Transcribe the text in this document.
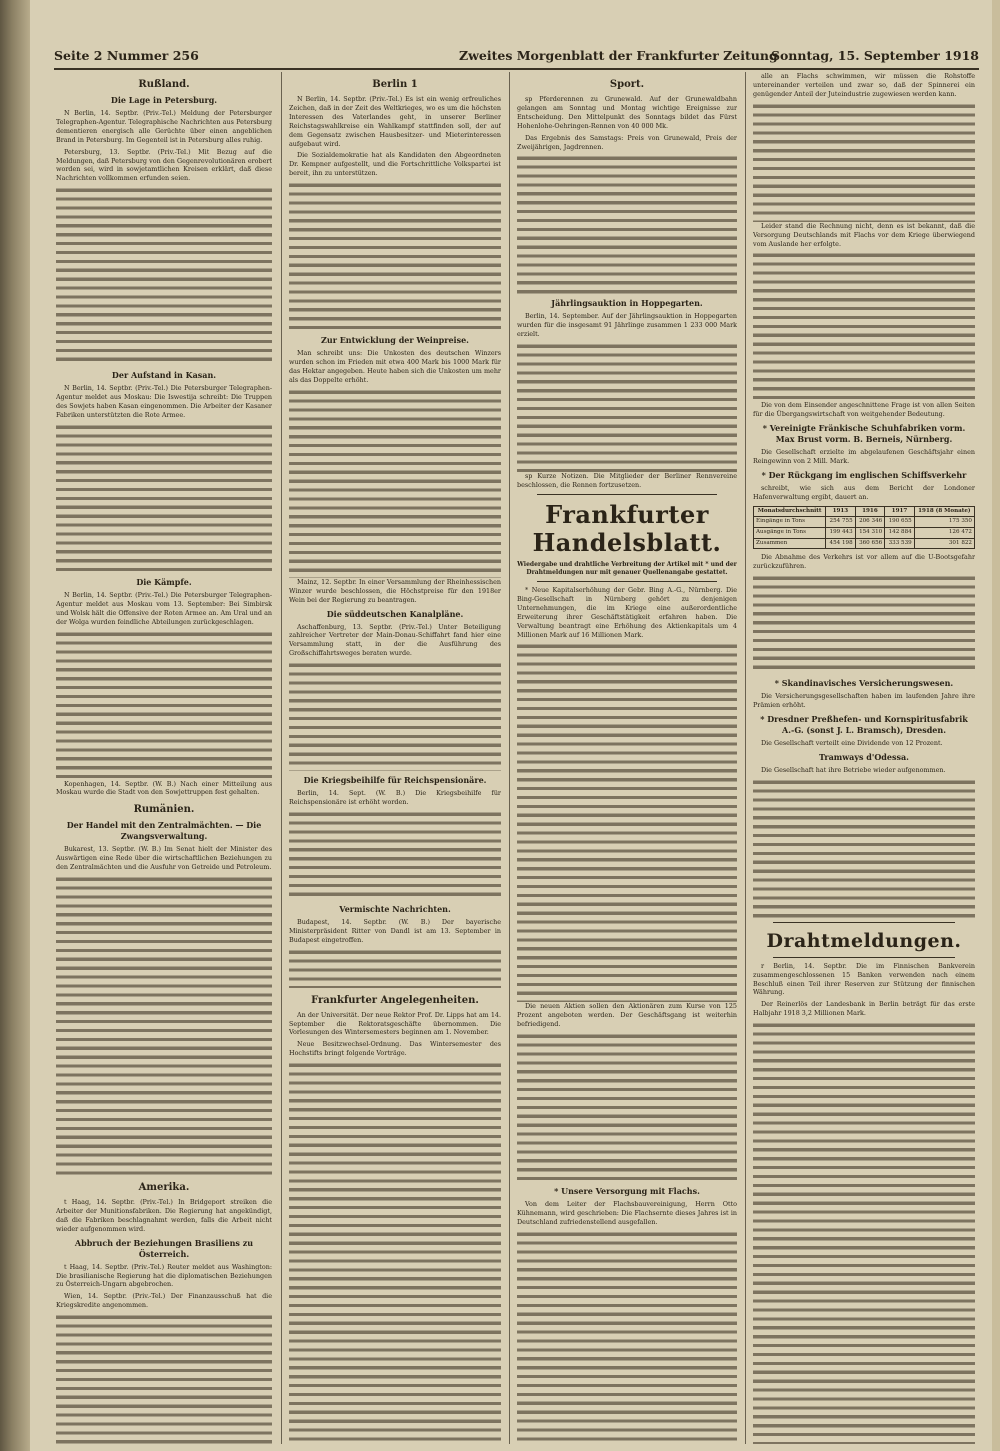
Seite 2 Nummer 256	Zweites Morgenblatt der Frankfurter Zeitung
Sonntag, 15. September 1918
Rußland.
Die Lage in Petersburg.

N Berlin, 14. Septbr. (Priv.-Tel.) Meldung der Petersburger Telegraphen-Agentur. Telegraphische Nachrichten aus Petersburg dementieren energisch alle Gerüchte über einen angeblichen Brand in Petersburg. Im Gegenteil ist in Petersburg alles ruhig.

Petersburg, 13. Septbr. (Priv.-Tel.) Mit Bezug auf die Meldungen, daß Petersburg von den Gegenrevolutionären erobert worden sei, wird in sowjetamtlichen Kreisen erklärt, daß diese Nachrichten vollkommen erfunden seien.

Der Aufstand in Kasan.

N Berlin, 14. Septbr. (Priv.-Tel.) Die Petersburger Telegraphen-Agentur meldet aus Moskau: Die Iswestija schreibt: Die Truppen des Sowjets haben Kasan eingenommen. Die Arbeiter der Kasaner Fabriken unterstützten die Rote Armee.

Die Kämpfe.

N Berlin, 14. Septbr. (Priv.-Tel.) Die Petersburger Telegraphen-Agentur meldet aus Moskau vom 13. September: Bei Simbirsk und Wolsk hält die Offensive der Roten Armee an. Am Ural und an der Wolga wurden feindliche Abteilungen zurückgeschlagen.

Kopenhagen, 14. Septbr. (W. B.) Nach einer Mitteilung aus Moskau wurde die Stadt von den Sowjettruppen fest gehalten.

Rumänien.
Der Handel mit den Zentralmächten. — Die Zwangsverwaltung.

Bukarest, 13. Septbr. (W. B.) Im Senat hielt der Minister des Auswärtigen eine Rede über die wirtschaftlichen Beziehungen zu den Zentralmächten und die Ausfuhr von Getreide und Petroleum.

Amerika.

t Haag, 14. Septbr. (Priv.-Tel.) In Bridgeport streiken die Arbeiter der Munitionsfabriken. Die Regierung hat angekündigt, daß die Fabriken beschlagnahmt werden, falls die Arbeit nicht wieder aufgenommen wird.

Abbruch der Beziehungen Brasiliens zu Österreich.

t Haag, 14. Septbr. (Priv.-Tel.) Reuter meldet aus Washington: Die brasilianische Regierung hat die diplomatischen Beziehungen zu Österreich-Ungarn abgebrochen.

Wien, 14. Septbr. (Priv.-Tel.) Der Finanzausschuß hat die Kriegskredite angenommen.

Berlin 1

N Berlin, 14. Septbr. (Priv.-Tel.) Es ist ein wenig erfreuliches Zeichen, daß in der Zeit des Weltkrieges, wo es um die höchsten Interessen des Vaterlandes geht, in unserer Berliner Reichstagswahlkreise ein Wahlkampf stattfinden soll, der auf dem Gegensatz zwischen Hausbesitzer- und Mieterinteressen aufgebaut wird.

Die Sozialdemokratie hat als Kandidaten den Abgeordneten Dr. Kempner aufgestellt, und die Fortschrittliche Volkspartei ist bereit, ihn zu unterstützen.

Zur Entwicklung der Weinpreise.

Man schreibt uns: Die Unkosten des deutschen Winzers wurden schon im Frieden mit etwa 400 Mark bis 1000 Mark für das Hektar angegeben. Heute haben sich die Unkosten um mehr als das Doppelte erhöht.

Mainz, 12. Septbr. In einer Versammlung der Rheinhessischen Winzer wurde beschlossen, die Höchstpreise für den 1918er Wein bei der Regierung zu beantragen.

Die süddeutschen Kanalpläne.

Aschaffenburg, 13. Septbr. (Priv.-Tel.) Unter Beteiligung zahlreicher Vertreter der Main-Donau-Schiffahrt fand hier eine Versammlung statt, in der die Ausführung des Großschiffahrtsweges beraten wurde.

Die Kriegsbeihilfe für Reichspensionäre.

Berlin, 14. Sept. (W. B.) Die Kriegsbeihilfe für Reichspensionäre ist erhöht worden.

Vermischte Nachrichten.

Budapest, 14. Septbr. (W. B.) Der bayerische Ministerpräsident Ritter von Dandl ist am 13. September in Budapest eingetroffen.

Frankfurter Angelegenheiten.

An der Universität. Der neue Rektor Prof. Dr. Lipps hat am 14. September die Rektoratsgeschäfte übernommen. Die Vorlesungen des Wintersemesters beginnen am 1. November.

Neue Besitzwechsel-Ordnung. Das Wintersemester des Hochstifts bringt folgende Vorträge.

Sport.

sp Pferderennen zu Grunewald. Auf der Grunewaldbahn gelangen am Sonntag und Montag wichtige Ereignisse zur Entscheidung. Den Mittelpunkt des Sonntags bildet das Fürst Hohenlohe-Oehringen-Rennen von 40 000 Mk.

Das Ergebnis des Samstags: Preis von Grunewald, Preis der Zweijährigen, Jagdrennen.

Jährlingsauktion in Hoppegarten.

Berlin, 14. September. Auf der Jährlingsauktion in Hoppegarten wurden für die insgesamt 91 Jährlinge zusammen 1 233 000 Mark erzielt.

sp Kurze Notizen. Die Mitglieder der Berliner Rennvereine beschlossen, die Rennen fortzusetzen.

Frankfurter Handelsblatt.
Wiedergabe und drahtliche Verbreitung der Artikel mit * und der Drahtmeldungen nur mit genauer Quellenangabe gestattet.

* Neue Kapitalserhöhung der Gebr. Bing A.-G., Nürnberg. Die Bing-Gesellschaft in Nürnberg gehört zu denjenigen Unternehmungen, die im Kriege eine außerordentliche Erweiterung ihrer Geschäftstätigkeit erfahren haben. Die Verwaltung beantragt eine Erhöhung des Aktienkapitals um 4 Millionen Mark auf 16 Millionen Mark.

Die neuen Aktien sollen den Aktionären zum Kurse von 125 Prozent angeboten werden. Der Geschäftsgang ist weiterhin befriedigend.

* Unsere Versorgung mit Flachs.

Von dem Leiter der Flachsbauvereinigung, Herrn Otto Kühnemann, wird geschrieben: Die Flachsernte dieses Jahres ist in Deutschland zufriedenstellend ausgefallen.

alle an Flachs schwimmen, wir müssen die Rohstoffe untereinander verteilen und zwar so, daß der Spinnerei ein genügender Anteil der Juteindustrie zugewiesen werden kann.

Leider stand die Rechnung nicht, denn es ist bekannt, daß die Versorgung Deutschlands mit Flachs vor dem Kriege überwiegend vom Auslande her erfolgte.

Die von dem Einsender angeschnittene Frage ist von allen Seiten für die Übergangswirtschaft von weitgehender Bedeutung.

* Vereinigte Fränkische Schuhfabriken vorm. Max Brust vorm. B. Berneis, Nürnberg.

Die Gesellschaft erzielte im abgelaufenen Geschäftsjahr einen Reingewinn von 2 Mill. Mark.

* Der Rückgang im englischen Schiffsverkehr

schreibt, wie sich aus dem Bericht der Londoner Hafenverwaltung ergibt, dauert an.

Monatsdurchschnitt	1913	1916	1917	1918 (8 Monate)
Eingänge in Tons	254 755	206 346	190 655	175 350
Ausgänge in Tons	199 443	154 310	142 884	126 472
Zusammen	454 198	360 656	333 539	301 822

Die Abnahme des Verkehrs ist vor allem auf die U-Bootsgefahr zurückzuführen.

* Skandinavisches Versicherungswesen.

Die Versicherungsgesellschaften haben im laufenden Jahre ihre Prämien erhöht.

* Dresdner Preßhefen- und Kornspiritusfabrik A.-G. (sonst J. L. Bramsch), Dresden.

Die Gesellschaft verteilt eine Dividende von 12 Prozent.

Tramways d'Odessa.

Die Gesellschaft hat ihre Betriebe wieder aufgenommen.

Drahtmeldungen.

r Berlin, 14. Septbr. Die im Finnischen Bankverein zusammengeschlossenen 15 Banken verwenden nach einem Beschluß einen Teil ihrer Reserven zur Stützung der finnischen Währung.

Der Reinerlös der Landesbank in Berlin beträgt für das erste Halbjahr 1918 3,2 Millionen Mark.
